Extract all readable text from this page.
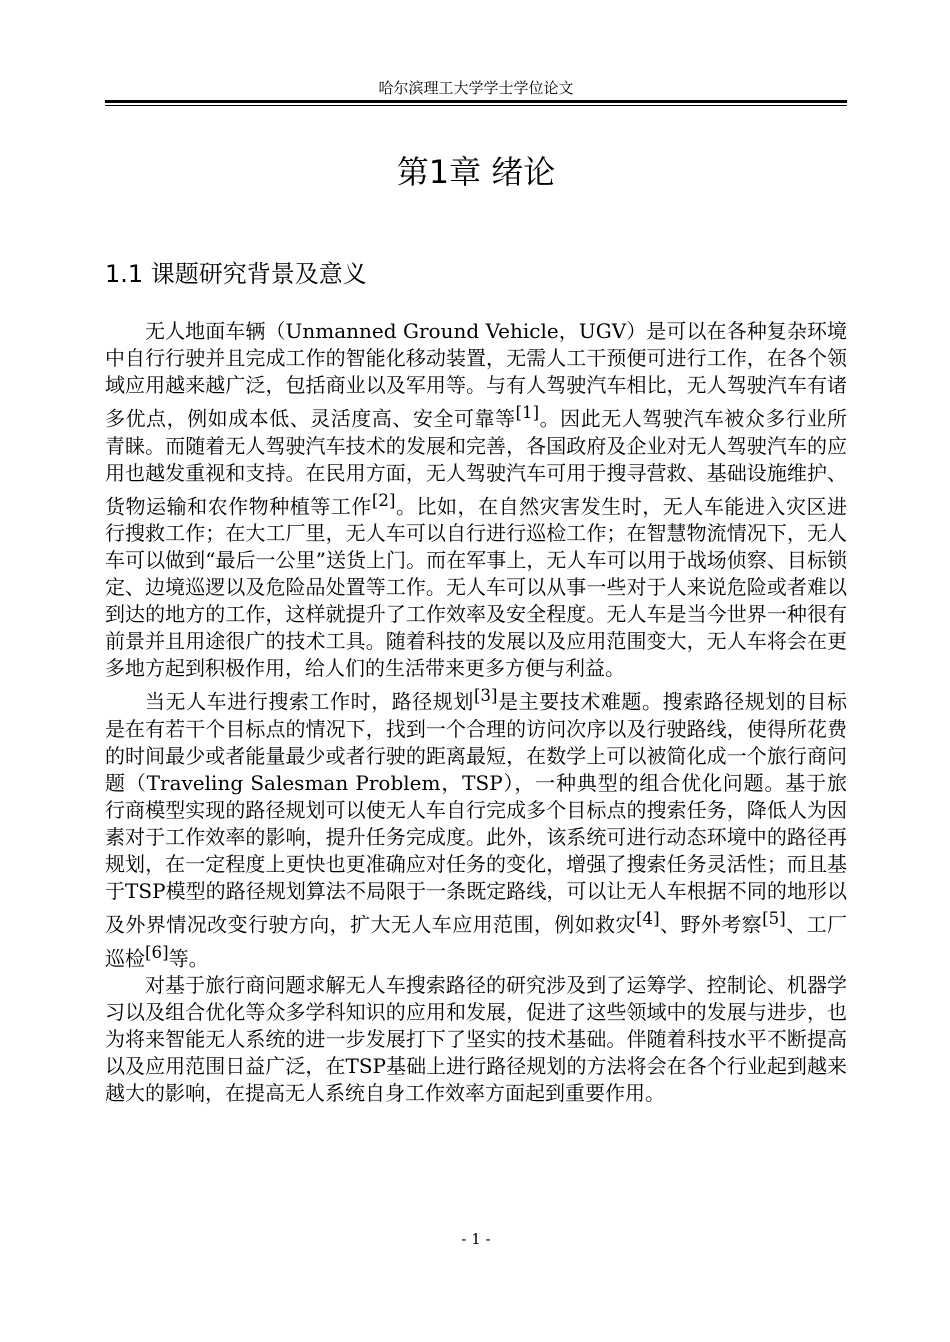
哈尔滨理工大学学士学位论文
第1章 绪论
1.1 课题研究背景及意义

无人地面车辆（Unmanned Ground Vehicle，UGV）是可以在各种复杂环境中自行行驶并且完成工作的智能化移动装置，无需人工干预便可进行工作，在各个领域应用越来越广泛，包括商业以及军用等。与有人驾驶汽车相比，无人驾驶汽车有诸多优点，例如成本低、灵活度高、安全可靠等[1]。因此无人驾驶汽车被众多行业所青睐。而随着无人驾驶汽车技术的发展和完善，各国政府及企业对无人驾驶汽车的应用也越发重视和支持。在民用方面，无人驾驶汽车可用于搜寻营救、基础设施维护、货物运输和农作物种植等工作[2]。比如，在自然灾害发生时，无人车能进入灾区进行搜救工作；在大工厂里，无人车可以自行进行巡检工作；在智慧物流情况下，无人车可以做到“最后一公里”送货上门。而在军事上，无人车可以用于战场侦察、目标锁定、边境巡逻以及危险品处置等工作。无人车可以从事一些对于人来说危险或者难以到达的地方的工作，这样就提升了工作效率及安全程度。无人车是当今世界一种很有前景并且用途很广的技术工具。随着科技的发展以及应用范围变大，无人车将会在更多地方起到积极作用，给人们的生活带来更多方便与利益。

当无人车进行搜索工作时，路径规划[3]是主要技术难题。搜索路径规划的目标是在有若干个目标点的情况下，找到一个合理的访问次序以及行驶路线，使得所花费的时间最少或者能量最少或者行驶的距离最短，在数学上可以被简化成一个旅行商问题（Traveling Salesman Problem，TSP），一种典型的组合优化问题。基于旅行商模型实现的路径规划可以使无人车自行完成多个目标点的搜索任务，降低人为因素对于工作效率的影响，提升任务完成度。此外，该系统可进行动态环境中的路径再规划，在一定程度上更快也更准确应对任务的变化，增强了搜索任务灵活性；而且基于TSP模型的路径规划算法不局限于一条既定路线，可以让无人车根据不同的地形以及外界情况改变行驶方向，扩大无人车应用范围，例如救灾[4]、野外考察[5]、工厂巡检[6]等。

对基于旅行商问题求解无人车搜索路径的研究涉及到了运筹学、控制论、机器学习以及组合优化等众多学科知识的应用和发展，促进了这些领域中的发展与进步，也为将来智能无人系统的进一步发展打下了坚实的技术基础。伴随着科技水平不断提高以及应用范围日益广泛，在TSP基础上进行路径规划的方法将会在各个行业起到越来越大的影响，在提高无人系统自身工作效率方面起到重要作用。

- 1 -
